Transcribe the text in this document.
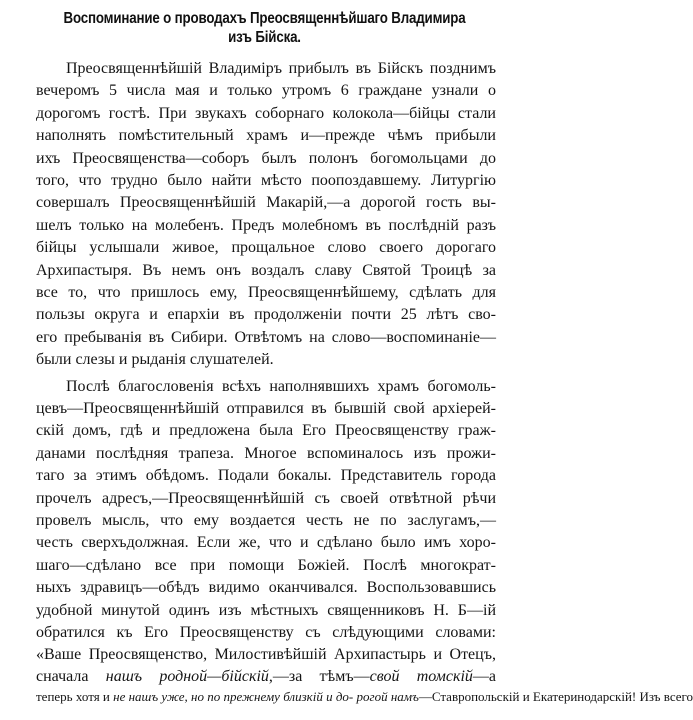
Воспоминание о проводахъ Преосвященнѣйшаго Владимира
изъ Бійска.
Преосвященнѣйшій Владиміръ прибылъ въ Бійскъ позднимъ
вечеромъ 5 числа мая и только утромъ 6 граждане узнали о
дорогомъ гостѣ. При звукахъ соборнаго колокола—бійцы стали
наполнять помѣстительный храмъ и—прежде чѣмъ прибыли
ихъ Преосвященства—соборъ былъ полонъ богомольцами до
того, что трудно было найти мѣсто поопоздавшему. Литургію
совершалъ Преосвященнѣйшій Макарій,—а дорогой гость вы-
шелъ только на молебенъ. Предъ молебномъ въ послѣдній разъ
бійцы услышали живое, прощальное слово своего дорогаго
Архипастыря. Въ немъ онъ воздалъ славу Святой Троицѣ за
все то, что пришлось ему, Преосвященнѣйшему, сдѣлать для
пользы округа и епархіи въ продолженіи почти 25 лѣтъ сво-
его пребыванія въ Сибири. Отвѣтомъ на слово—воспоминаніе—
были слезы и рыданія слушателей.
Послѣ благословенія всѣхъ наполнявшихъ храмъ богомоль-
цевъ—Преосвященнѣйшій отправился въ бывшій свой архіерей-
скій домъ, гдѣ и предложена была Его Преосвященству граж-
данами послѣдняя трапеза. Многое вспоминалось изъ прожи-
таго за этимъ обѣдомъ. Подали бокалы. Представитель города
прочелъ адресъ,—Преосвященнѣйшій съ своей отвѣтной рѣчи
провелъ мысль, что ему воздается честь не по заслугамъ,—
честь сверхъдолжная. Если же, что и сдѣлано было имъ хоро-
шаго—сдѣлано все при помощи Божіей. Послѣ многократ-
ныхъ здравицъ—обѣдъ видимо оканчивался. Воспользовавшись
удобной минутой одинъ изъ мѣстныхъ священниковъ Н. Б—ій
обратился къ Его Преосвященству съ слѣдующими словами:
«Ваше Преосвященство, Милостивѣйшій Архипастырь и Отецъ,
сначала нашъ родной—бійскій,—за тѣмъ—свой томскій—а
теперь хотя и не нашъ уже, но по прежнему близкій и до- рогой намъ—Ставропольскій и Екатеринодарскій! Изъ всего
